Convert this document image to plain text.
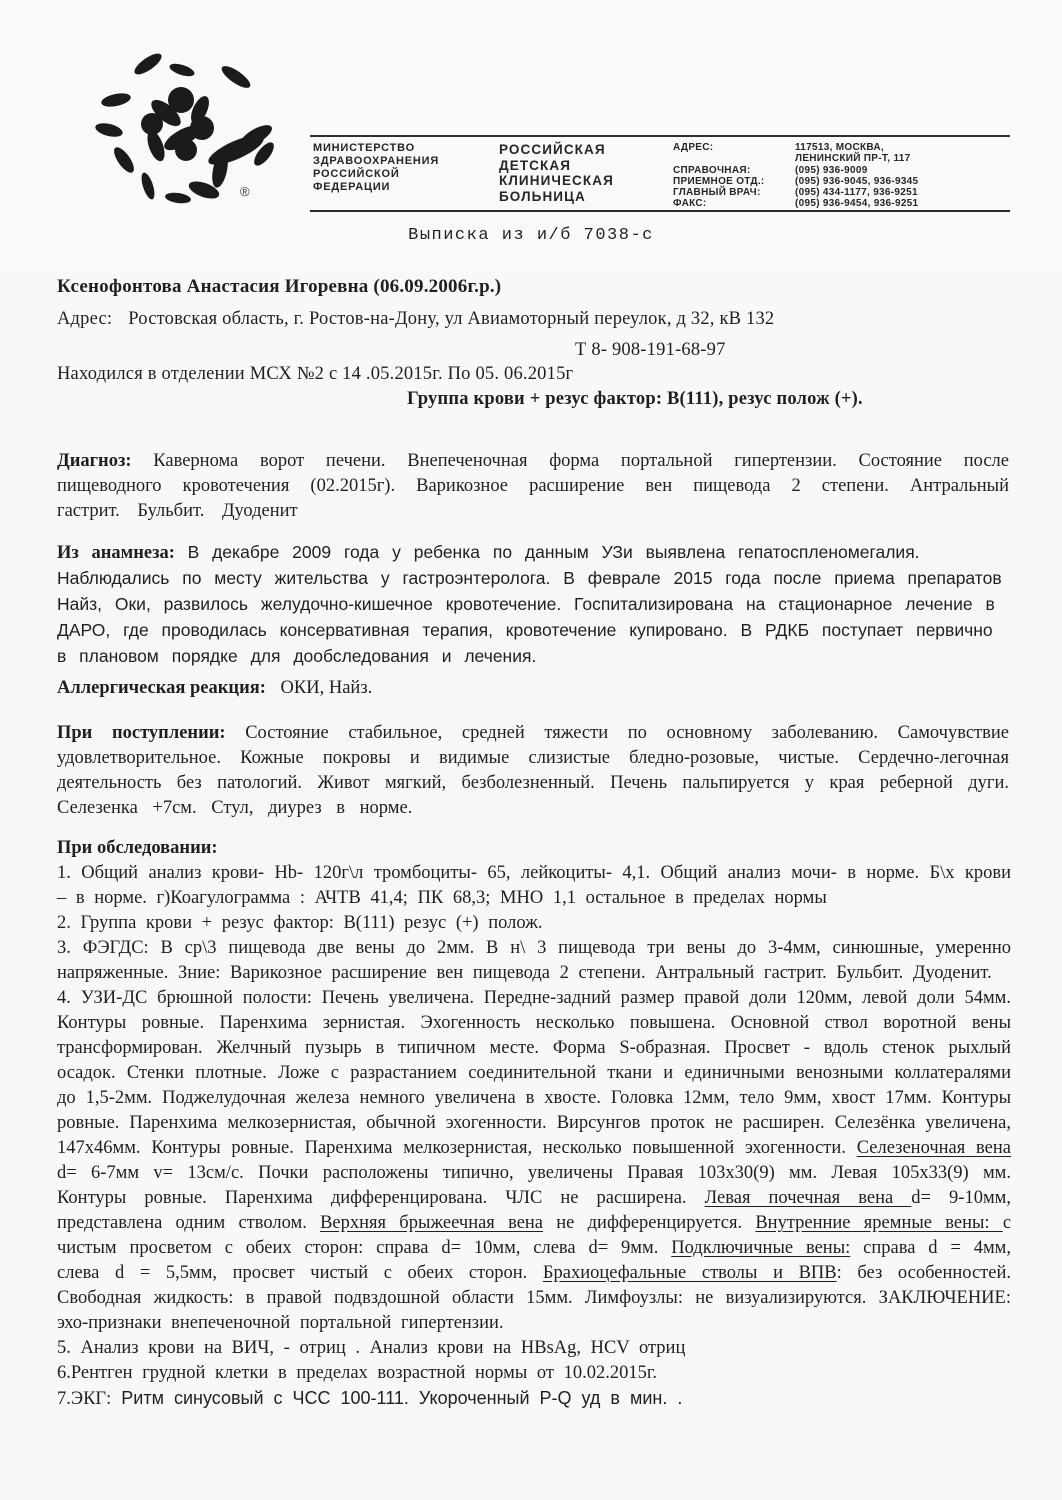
®
МИНИСТЕРСТВО
ЗДРАВООХРАНЕНИЯ
РОССИЙСКОЙ
ФЕДЕРАЦИИ
РОССИЙСКАЯ
ДЕТСКАЯ
КЛИНИЧЕСКАЯ
БОЛЬНИЦА
АДРЕС:	117513, МОСКВА,
ЛЕНИНСКИЙ ПР-Т, 117
СПРАВОЧНАЯ:	(095) 936-9009
ПРИЕМНОЕ ОТД.:	(095) 936-9045, 936-9345
ГЛАВНЫЙ ВРАЧ:	(095) 434-1177, 936-9251
ФАКС:	(095) 936-9454, 936-9251
Выписка из и/б 7038-с
Ксенофонтова Анастасия Игоревна (06.09.2006г.р.)
Адрес: Ростовская область, г. Ростов-на-Дону, ул Авиамоторный переулок, д 32, кВ 132
Т 8- 908-191-68-97
Находился в отделении МСХ №2 с 14 .05.2015г. По 05. 06.2015г
Группа крови + резус фактор: В(111), резус полож (+).

Диагноз: Кавернома ворот печени. Внепеченочная форма портальной гипертензии. Состояние после пищеводного кровотечения (02.2015г). Варикозное расширение вен пищевода 2 степени. Антральный гастрит. Бульбит. Дуоденит

Из анамнеза: В декабре 2009 года у ребенка по данным УЗи выявлена гепатоспленомегалия. Наблюдались по месту жительства у гастроэнтеролога. В феврале 2015 года после приема препаратов Найз, Оки, развилось желудочно-кишечное кровотечение. Госпитализирована на стационарное лечение в ДАРО, где проводилась консервативная терапия, кровотечение купировано. В РДКБ поступает первично в плановом порядке для дообследования и лечения.

Аллергическая реакция: ОКИ, Найз.

При поступлении: Состояние стабильное, средней тяжести по основному заболеванию. Самочувствие удовлетворительное. Кожные покровы и видимые слизистые бледно-розовые, чистые. Сердечно-легочная деятельность без патологий. Живот мягкий, безболезненный. Печень пальпируется у края реберной дуги. Селезенка +7см. Стул, диурез в норме.

При обследовании:

1. Общий анализ крови- Hb- 120г\л тромбоциты- 65, лейкоциты- 4,1. Общий анализ мочи- в норме. Б\х крови – в норме. г)Коагулограмма : АЧТВ 41,4; ПК 68,3; МНО 1,1 остальное в пределах нормы

2. Группа крови + резус фактор: В(111) резус (+) полож.

3. ФЭГДС: В ср\3 пищевода две вены до 2мм. В н\ 3 пищевода три вены до 3-4мм, синюшные, умеренно напряженные. Зние: Варикозное расширение вен пищевода 2 степени. Антральный гастрит. Бульбит. Дуоденит.

4. УЗИ-ДС брюшной полости: Печень увеличена. Передне-задний размер правой доли 120мм, левой доли 54мм. Контуры ровные. Паренхима зернистая. Эхогенность несколько повышена. Основной ствол воротной вены трансформирован. Желчный пузырь в типичном месте. Форма S-образная. Просвет - вдоль стенок рыхлый осадок. Стенки плотные. Ложе с разрастанием соединительной ткани и единичными венозными коллатералями до 1,5-2мм. Поджелудочная железа немного увеличена в хвосте. Головка 12мм, тело 9мм, хвост 17мм. Контуры ровные. Паренхима мелкозернистая, обычной эхогенности. Вирсунгов проток не расширен. Селезёнка увеличена, 147х46мм. Контуры ровные. Паренхима мелкозернистая, несколько повышенной эхогенности. Селезеночная вена d= 6-7мм v= 13см/с. Почки расположены типично, увеличены Правая 103х30(9) мм. Левая 105х33(9) мм. Контуры ровные. Паренхима дифференцирована. ЧЛС не расширена. Левая почечная вена d= 9-10мм, представлена одним стволом. Верхняя брыжеечная вена не дифференцируется. Внутренние яремные вены: с чистым просветом с обеих сторон: справа d= 10мм, слева d= 9мм. Подключичные вены: справа d = 4мм, слева d = 5,5мм, просвет чистый с обеих сторон. Брахиоцефальные стволы и ВПВ: без особенностей. Свободная жидкость: в правой подвздошной области 15мм. Лимфоузлы: не визуализируются. ЗАКЛЮЧЕНИЕ: эхо-признаки внепеченочной портальной гипертензии.

5. Анализ крови на ВИЧ, - отриц . Анализ крови на HBsAg, HCV отриц

6.Рентген грудной клетки в пределах возрастной нормы от 10.02.2015г.

7.ЭКГ: Ритм синусовый с ЧСС 100-111. Укороченный P-Q уд в мин. .
